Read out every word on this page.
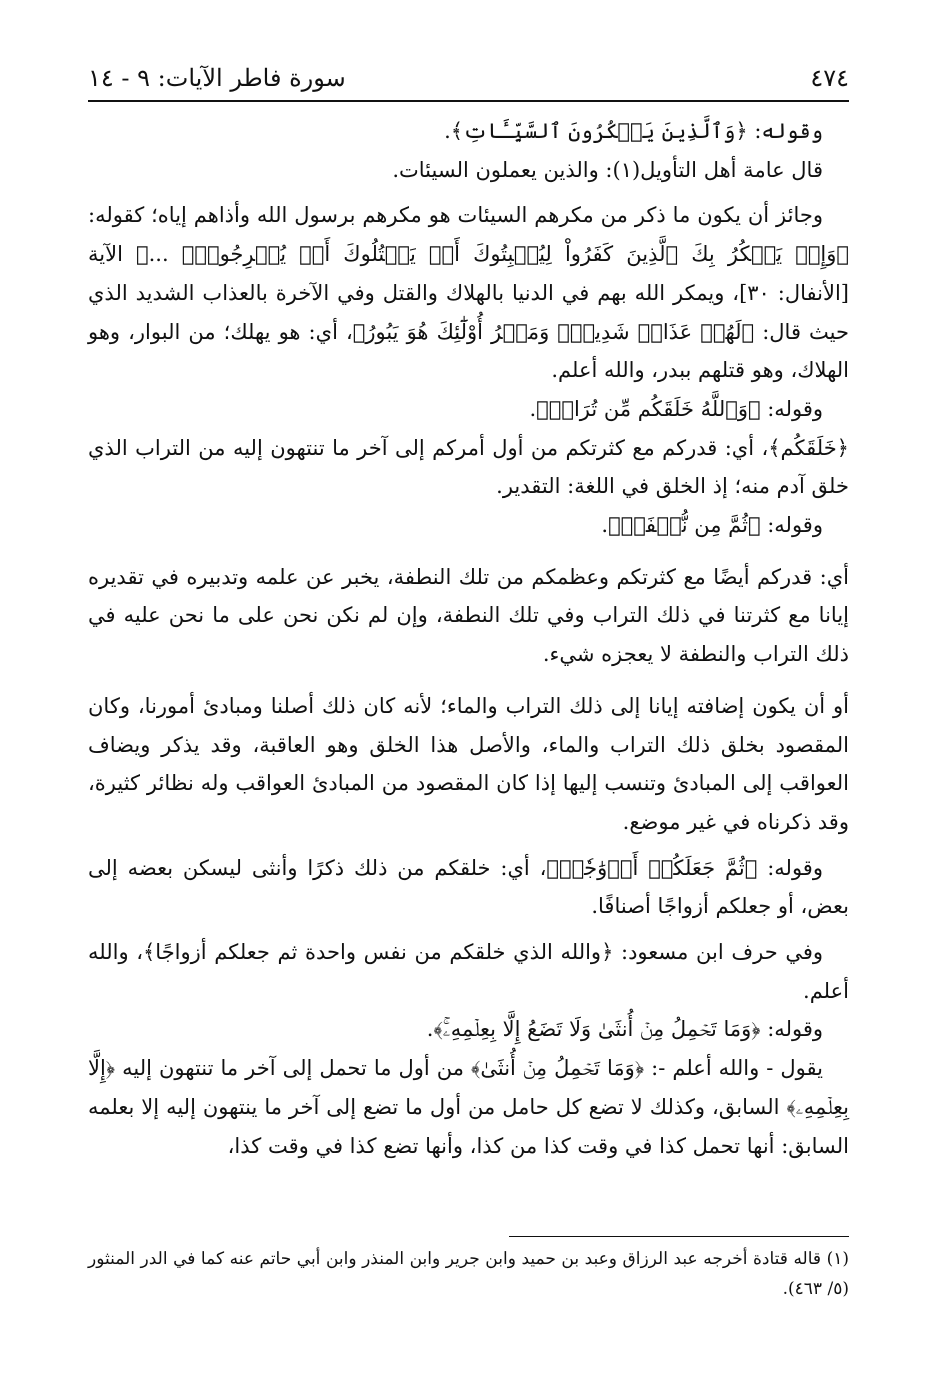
٤٧٤
سورة فاطر الآيات: ٩ - ١٤

وقوله: ﴿وَٱلَّذِينَ يَمۡكُرُونَ ٱلسَّيِّـَٔاتِ﴾.

قال عامة أهل التأويل(١): والذين يعملون السيئات.

وجائز أن يكون ما ذكر من مكرهم السيئات هو مكرهم برسول الله وأذاهم إياه؛ كقوله: ﴿وَإِذۡ يَمۡكُرُ بِكَ ٱلَّذِينَ كَفَرُواْ لِيُثۡبِتُوكَ أَوۡ يَقۡتُلُوكَ أَوۡ يُخۡرِجُوكَۚ ...﴾ الآية [الأنفال: ٣٠]، ويمكر الله بهم في الدنيا بالهلاك والقتل وفي الآخرة بالعذاب الشديد الذي حيث قال: ﴿لَهُمۡ عَذَابٞ شَدِيدٞۖ وَمَكۡرُ أُوْلَٰٓئِكَ هُوَ يَبُورُ﴾، أي: هو يهلك؛ من البوار، وهو الهلاك، وهو قتلهم ببدر، والله أعلم.

وقوله: ﴿وَٱللَّهُ خَلَقَكُم مِّن تُرَابٖ﴾.

﴿خَلَقَكُم﴾، أي: قدركم مع كثرتكم من أول أمركم إلى آخر ما تنتهون إليه من التراب الذي خلق آدم منه؛ إذ الخلق في اللغة: التقدير.

وقوله: ﴿ثُمَّ مِن نُّطۡفَةٖ﴾.

أي: قدركم أيضًا مع كثرتكم وعظمكم من تلك النطفة، يخبر عن علمه وتدبيره في تقديره إيانا مع كثرتنا في ذلك التراب وفي تلك النطفة، وإن لم نكن نحن على ما نحن عليه في ذلك التراب والنطفة لا يعجزه شيء.

أو أن يكون إضافته إيانا إلى ذلك التراب والماء؛ لأنه كان ذلك أصلنا ومبادئ أمورنا، وكان المقصود بخلق ذلك التراب والماء، والأصل هذا الخلق وهو العاقبة، وقد يذكر ويضاف العواقب إلى المبادئ وتنسب إليها إذا كان المقصود من المبادئ العواقب وله نظائر كثيرة، وقد ذكرناه في غير موضع.

وقوله: ﴿ثُمَّ جَعَلَكُمۡ أَزۡوَٰجٗاۚ﴾، أي: خلقكم من ذلك ذكرًا وأنثى ليسكن بعضه إلى بعض، أو جعلكم أزواجًا أصنافًا.

وفي حرف ابن مسعود: ﴿والله الذي خلقكم من نفس واحدة ثم جعلكم أزواجًا﴾، والله أعلم.

وقوله: ﴿وَمَا تَحۡمِلُ مِنۡ أُنثَىٰ وَلَا تَضَعُ إِلَّا بِعِلۡمِهِۦۚ﴾.

يقول - والله أعلم -: ﴿وَمَا تَحۡمِلُ مِنۡ أُنثَىٰ﴾ من أول ما تحمل إلى آخر ما تنتهون إليه ﴿إِلَّا بِعِلۡمِهِۦ﴾ السابق، وكذلك لا تضع كل حامل من أول ما تضع إلى آخر ما ينتهون إليه إلا بعلمه السابق: أنها تحمل كذا في وقت كذا من كذا، وأنها تضع كذا في وقت كذا،

(١) قاله قتادة أخرجه عبد الرزاق وعبد بن حميد وابن جرير وابن المنذر وابن أبي حاتم عنه كما في الدر المنثور (٥/ ٤٦٣).
